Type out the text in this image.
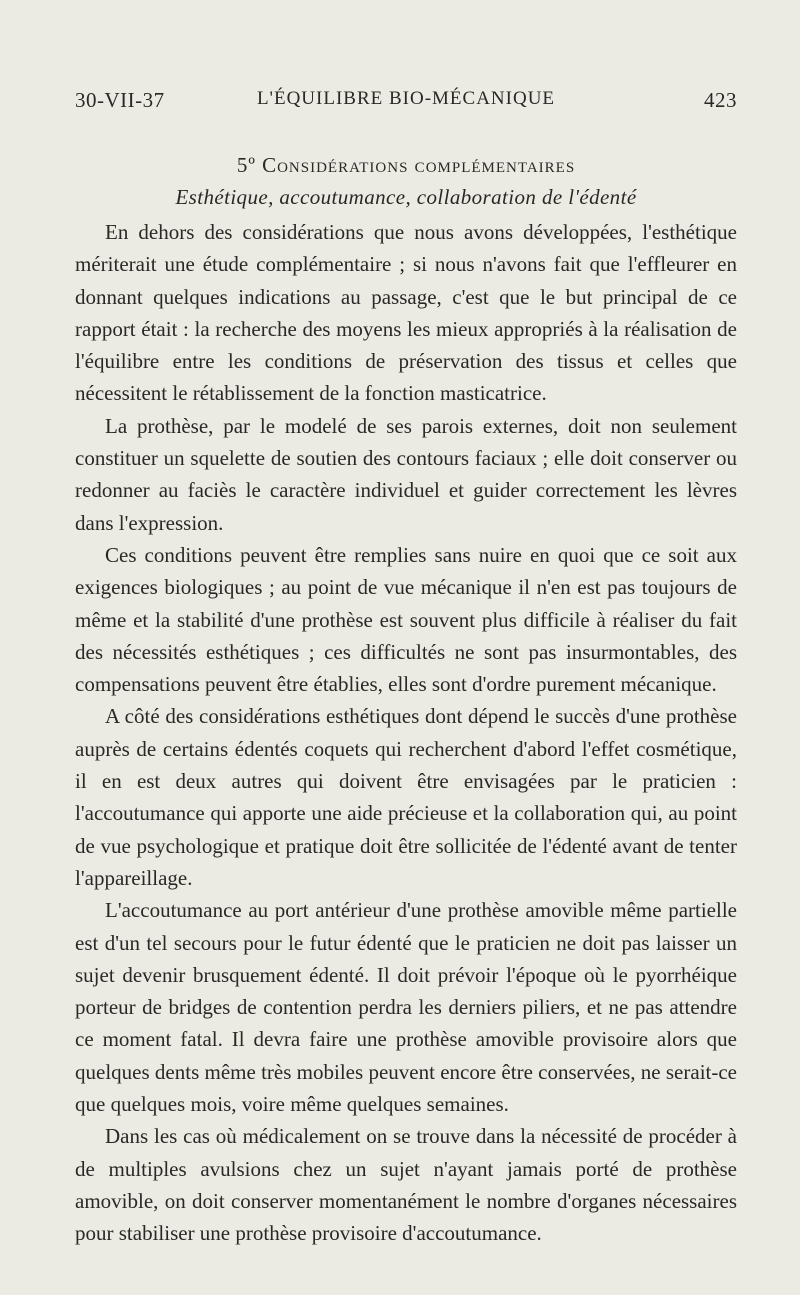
30-VII-37	L'ÉQUILIBRE BIO-MÉCANIQUE	423
5º Considérations complémentaires
Esthétique, accoutumance, collaboration de l'édenté

En dehors des considérations que nous avons développées, l'esthétique mériterait une étude complémentaire ; si nous n'avons fait que l'effleurer en donnant quelques indications au passage, c'est que le but principal de ce rapport était : la recherche des moyens les mieux appropriés à la réalisation de l'équilibre entre les conditions de préservation des tissus et celles que nécessitent le rétablissement de la fonction masticatrice.

La prothèse, par le modelé de ses parois externes, doit non seulement constituer un squelette de soutien des contours faciaux ; elle doit conserver ou redonner au faciès le caractère individuel et guider correctement les lèvres dans l'expression.

Ces conditions peuvent être remplies sans nuire en quoi que ce soit aux exigences biologiques ; au point de vue mécanique il n'en est pas toujours de même et la stabilité d'une prothèse est souvent plus difficile à réaliser du fait des nécessités esthétiques ; ces difficultés ne sont pas insurmontables, des compensations peuvent être établies, elles sont d'ordre purement mécanique.

A côté des considérations esthétiques dont dépend le succès d'une prothèse auprès de certains édentés coquets qui recherchent d'abord l'effet cosmétique, il en est deux autres qui doivent être envisagées par le praticien : l'accoutumance qui apporte une aide précieuse et la collaboration qui, au point de vue psychologique et pratique doit être sollicitée de l'édenté avant de tenter l'appareillage.

L'accoutumance au port antérieur d'une prothèse amovible même partielle est d'un tel secours pour le futur édenté que le praticien ne doit pas laisser un sujet devenir brusquement édenté. Il doit prévoir l'époque où le pyorrhéique porteur de bridges de contention perdra les derniers piliers, et ne pas attendre ce moment fatal. Il devra faire une prothèse amovible provisoire alors que quelques dents même très mobiles peuvent encore être conservées, ne serait-ce que quelques mois, voire même quelques semaines.

Dans les cas où médicalement on se trouve dans la nécessité de procéder à de multiples avulsions chez un sujet n'ayant jamais porté de prothèse amovible, on doit conserver momentanément le nombre d'organes nécessaires pour stabiliser une prothèse provisoire d'accoutumance.
